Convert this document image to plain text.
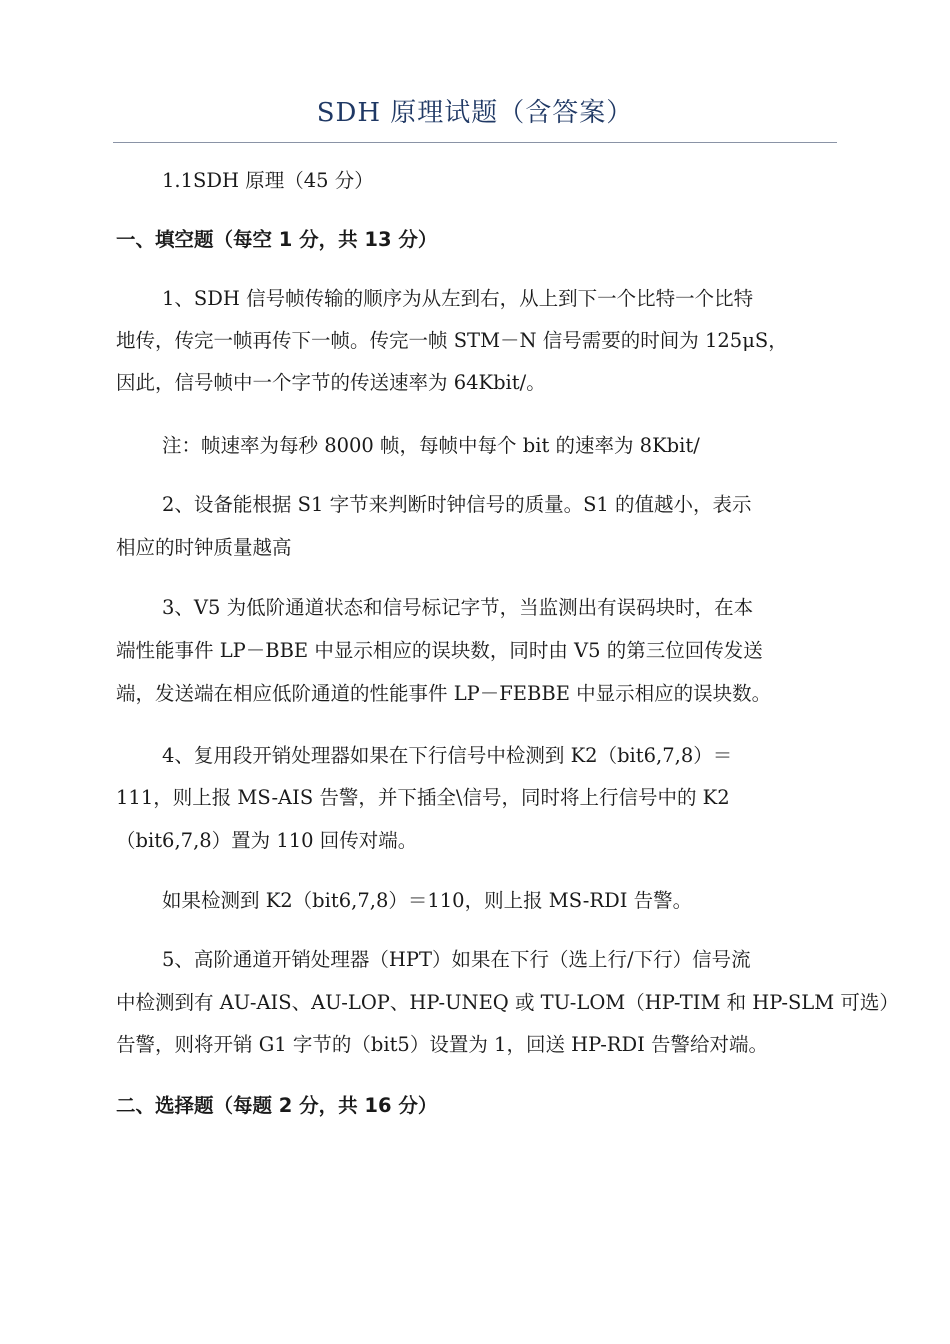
SDH 原理试题（含答案）
1.1SDH 原理（45 分）
一、填空题（每空 1 分，共 13 分）
1、SDH 信号帧传输的顺序为从左到右，从上到下一个比特一个比特
地传，传完一帧再传下一帧。传完一帧 STM－N 信号需要的时间为 125μS，
因此，信号帧中一个字节的传送速率为 64Kbit/。
注：帧速率为每秒 8000 帧，每帧中每个 bit 的速率为 8Kbit/
2、设备能根据 S1 字节来判断时钟信号的质量。S1 的值越小，表示
相应的时钟质量越高
3、V5 为低阶通道状态和信号标记字节，当监测出有误码块时，在本
端性能事件 LP－BBE 中显示相应的误块数，同时由 V5 的第三位回传发送
端，发送端在相应低阶通道的性能事件 LP－FEBBE 中显示相应的误块数。
4、复用段开销处理器如果在下行信号中检测到 K2（bit6,7,8）＝
111，则上报 MS-AIS 告警，并下插全\信号，同时将上行信号中的 K2
（bit6,7,8）置为 110 回传对端。
如果检测到 K2（bit6,7,8）＝110，则上报 MS-RDI 告警。
5、高阶通道开销处理器（HPT）如果在下行（选上行/下行）信号流
中检测到有 AU-AIS、AU-LOP、HP-UNEQ 或 TU-LOM（HP-TIM 和 HP-SLM 可选）
告警，则将开销 G1 字节的（bit5）设置为 1，回送 HP-RDI 告警给对端。
二、选择题（每题 2 分，共 16 分）
